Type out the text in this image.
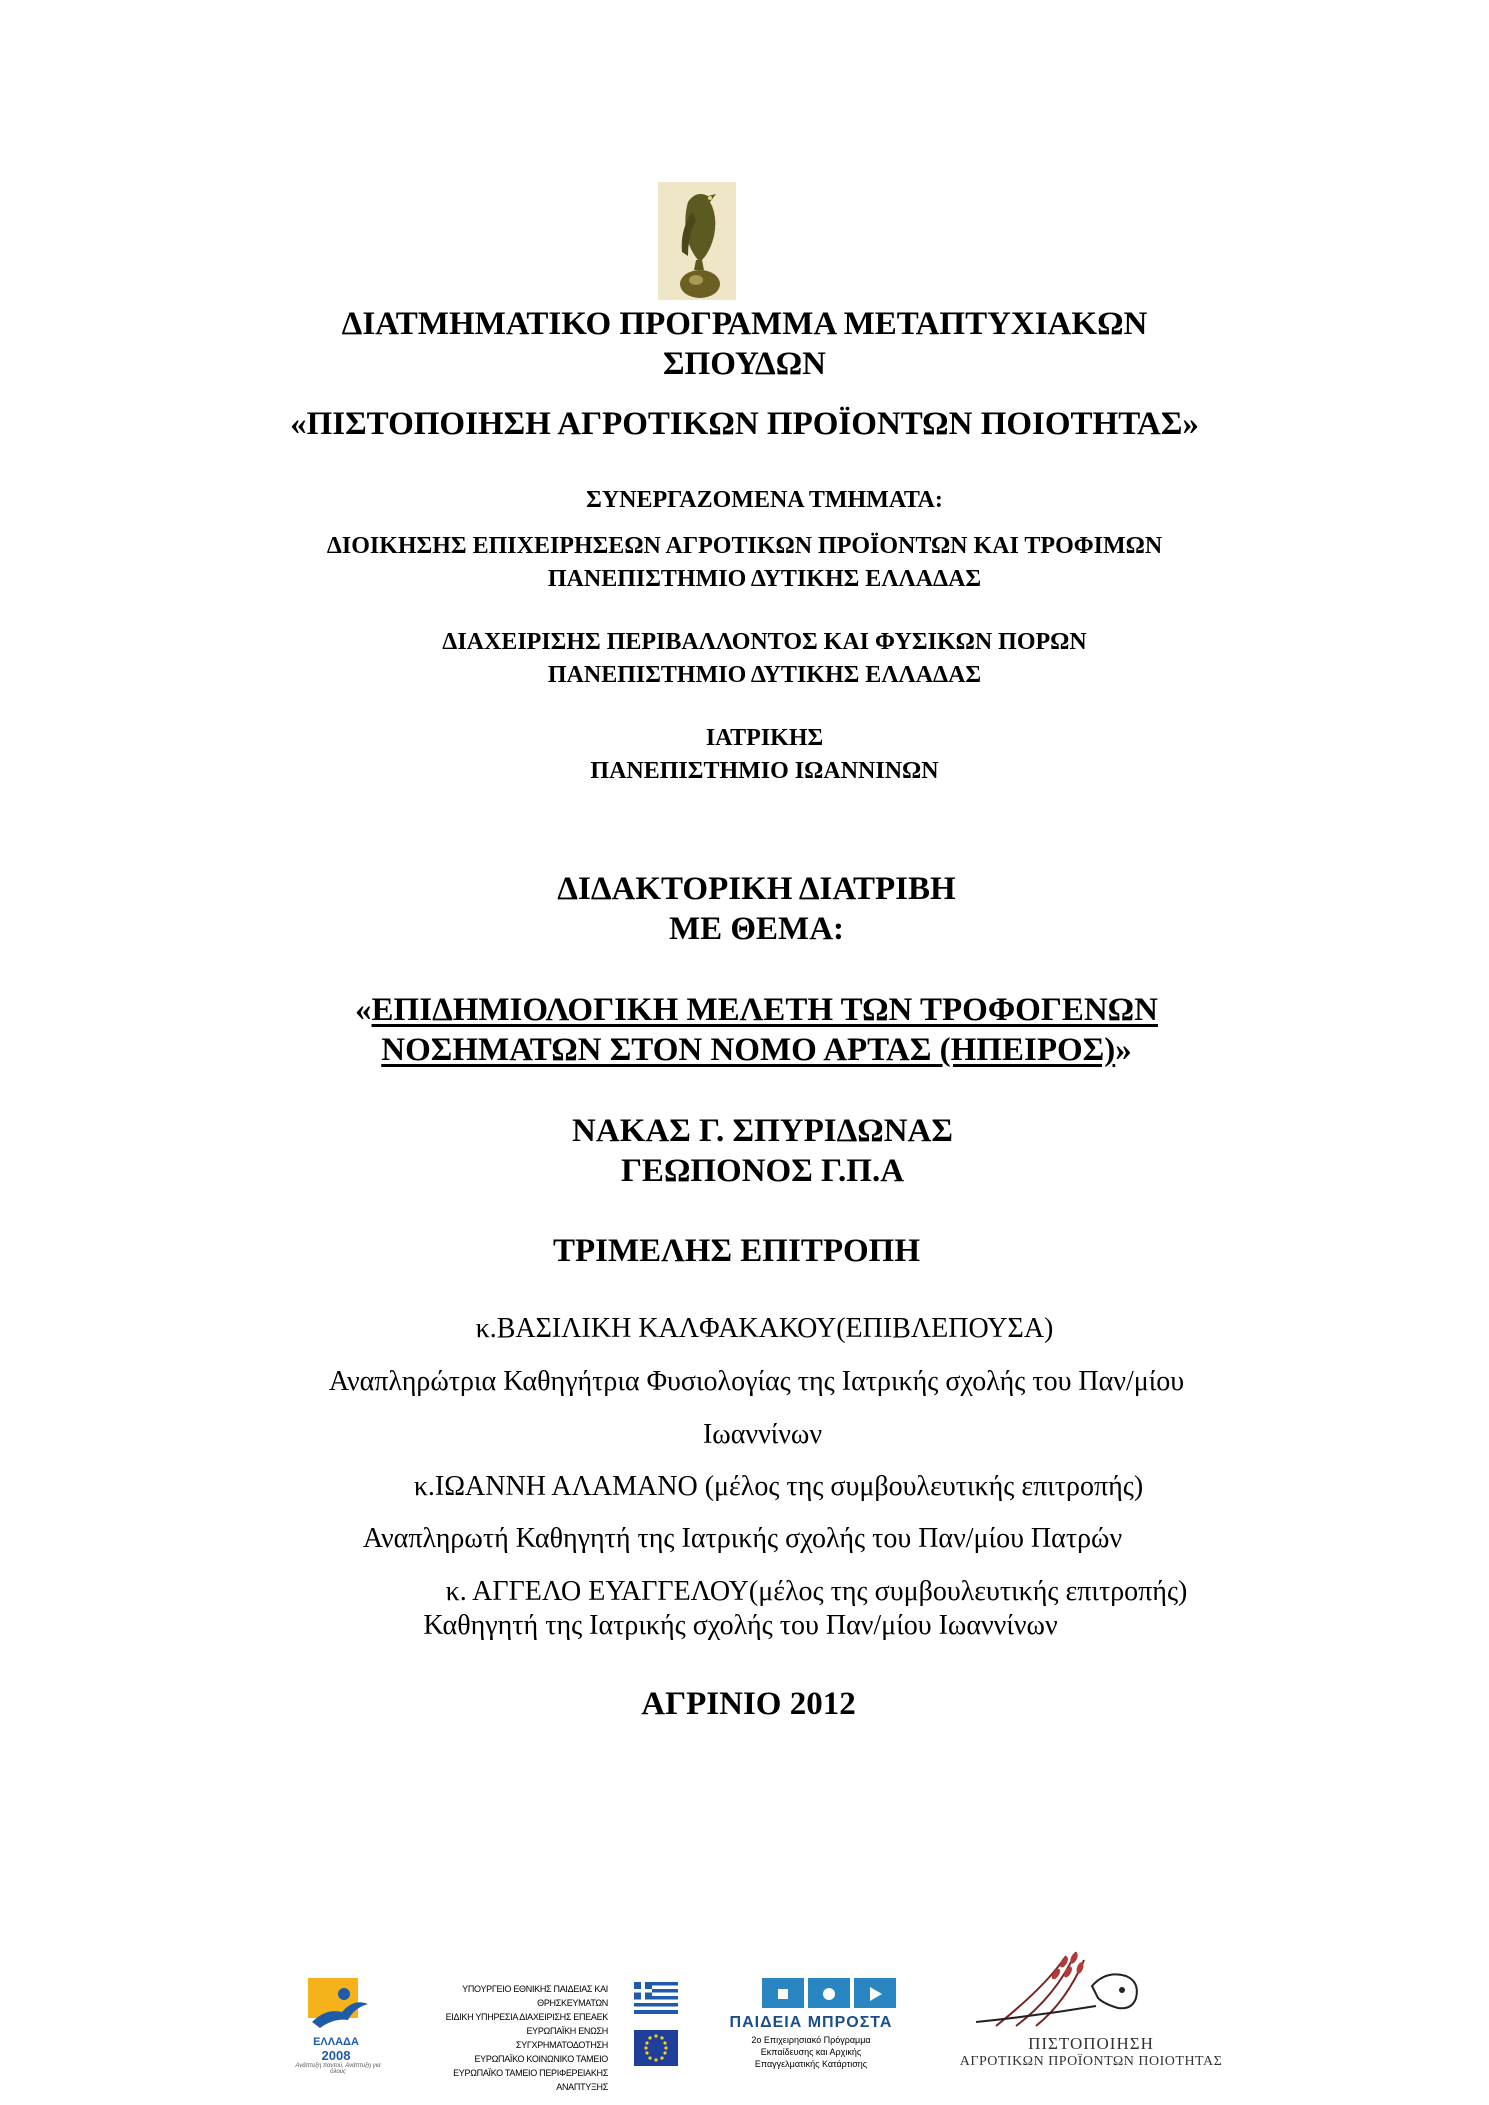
ΔΙΑΤΜΗΜΑΤΙΚΟ ΠΡΟΓΡΑΜΜΑ ΜΕΤΑΠΤΥΧΙΑΚΩΝ
ΣΠΟΥΔΩΝ
«ΠΙΣΤΟΠΟΙΗΣΗ ΑΓΡΟΤΙΚΩΝ ΠΡΟΪΟΝΤΩΝ ΠΟΙΟΤΗΤΑΣ»
ΣΥΝΕΡΓΑΖΟΜΕΝΑ ΤΜΗΜΑΤΑ:
ΔΙΟΙΚΗΣΗΣ ΕΠΙΧΕΙΡΗΣΕΩΝ ΑΓΡΟΤΙΚΩΝ ΠΡΟΪΟΝΤΩΝ ΚΑΙ ΤΡΟΦΙΜΩΝ
ΠΑΝΕΠΙΣΤΗΜΙΟ ΔΥΤΙΚΗΣ ΕΛΛΑΔΑΣ
ΔΙΑΧΕΙΡΙΣΗΣ ΠΕΡΙΒΑΛΛΟΝΤΟΣ ΚΑΙ ΦΥΣΙΚΩΝ ΠΟΡΩΝ
ΠΑΝΕΠΙΣΤΗΜΙΟ ΔΥΤΙΚΗΣ ΕΛΛΑΔΑΣ
ΙΑΤΡΙΚΗΣ
ΠΑΝΕΠΙΣΤΗΜΙΟ ΙΩΑΝΝΙΝΩΝ
ΔΙΔΑΚΤΟΡΙΚΗ ΔΙΑΤΡΙΒΗ
ΜΕ ΘΕΜΑ:
«ΕΠΙΔΗΜΙΟΛΟΓΙΚΗ ΜΕΛΕΤΗ ΤΩΝ ΤΡΟΦΟΓΕΝΩΝ
ΝΟΣΗΜΑΤΩΝ ΣΤΟΝ ΝΟΜΟ ΑΡΤΑΣ (ΗΠΕΙΡΟΣ)»
ΝΑΚΑΣ Γ. ΣΠΥΡΙΔΩΝΑΣ
ΓΕΩΠΟΝΟΣ Γ.Π.Α
ΤΡΙΜΕΛΗΣ ΕΠΙΤΡΟΠΗ
κ.ΒΑΣΙΛΙΚΗ ΚΑΛΦΑΚΑΚΟΥ(ΕΠΙΒΛΕΠΟΥΣΑ)
Αναπληρώτρια Καθηγήτρια Φυσιολογίας της Ιατρικής σχολής του Παν/μίου
Ιωαννίνων
κ.ΙΩΑΝΝΗ ΑΛΑΜΑΝΟ (μέλος της συμβουλευτικής επιτροπής)
Αναπληρωτή Καθηγητή της Ιατρικής σχολής του Παν/μίου Πατρών
κ. ΑΓΓΕΛΟ ΕΥΑΓΓΕΛΟΥ(μέλος της συμβουλευτικής επιτροπής)
Καθηγητή της Ιατρικής σχολής του Παν/μίου Ιωαννίνων
ΑΓΡΙΝΙΟ 2012
ΕΛΛΑΔΑ
2008
Ανάπτυξη παντού, Ανάπτυξη για όλους
ΥΠΟΥΡΓΕΙΟ ΕΘΝΙΚΗΣ ΠΑΙΔΕΙΑΣ ΚΑΙ ΘΡΗΣΚΕΥΜΑΤΩΝ
ΕΙΔΙΚΗ ΥΠΗΡΕΣΙΑ ΔΙΑΧΕΙΡΙΣΗΣ ΕΠΕΑΕΚ
ΕΥΡΩΠΑΪΚΗ ΕΝΩΣΗ
ΣΥΓΧΡΗΜΑΤΟΔΟΤΗΣΗ
ΕΥΡΩΠΑΪΚΟ ΚΟΙΝΩΝΙΚΟ ΤΑΜΕΙΟ
ΕΥΡΩΠΑΪΚΟ ΤΑΜΕΙΟ ΠΕΡΙΦΕΡΕΙΑΚΗΣ ΑΝΑΠΤΥΞΗΣ
ΠΑΙΔΕΙΑ ΜΠΡΟΣΤΑ
2ο Επιχειρησιακό Πρόγραμμα
Εκπαίδευσης και Αρχικής
Επαγγελματικής Κατάρτισης
ΠΙΣΤΟΠΟΙΗΣΗ
ΑΓΡΟΤΙΚΩΝ ΠΡΟΪΟΝΤΩΝ ΠΟΙΟΤΗΤΑΣ
